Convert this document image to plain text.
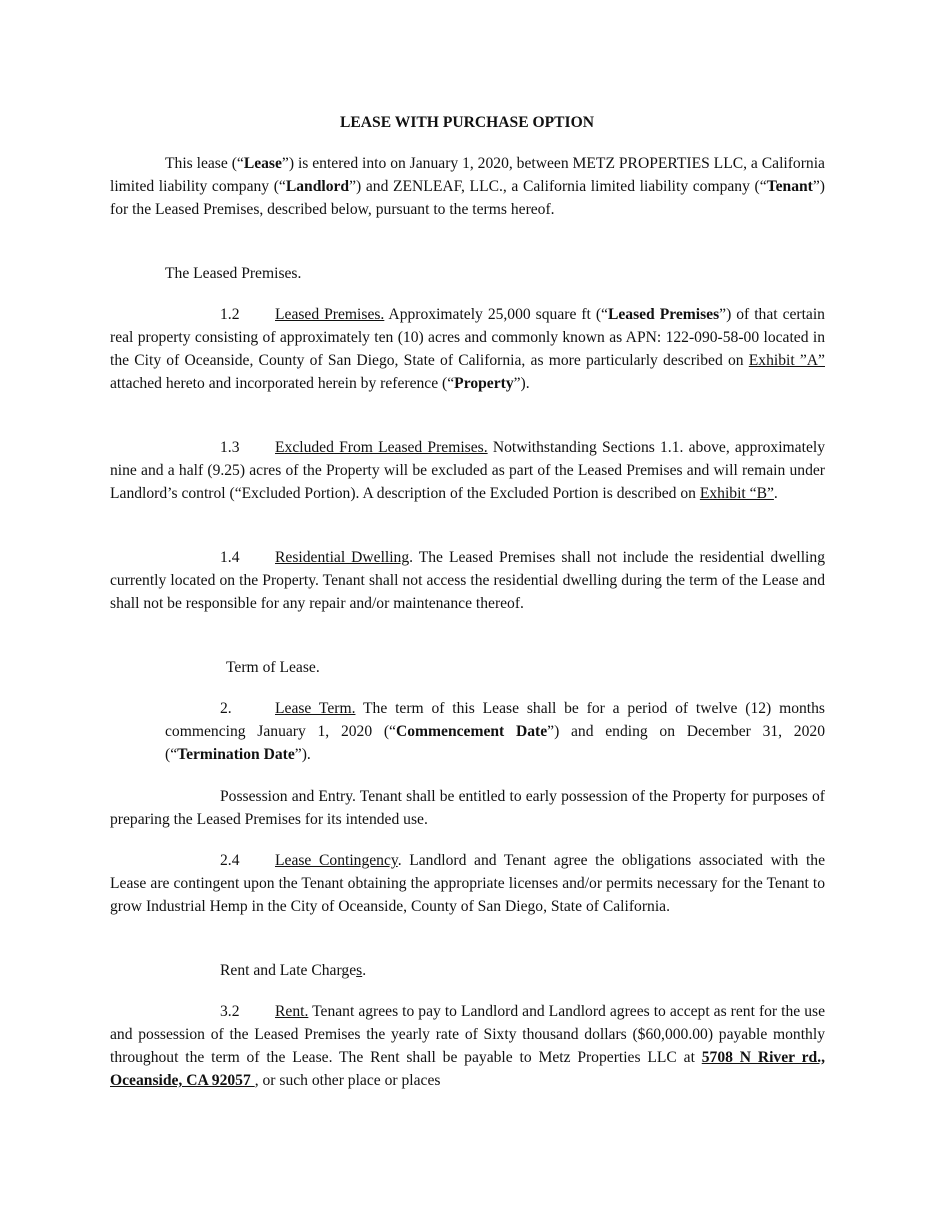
LEASE WITH PURCHASE OPTION

This lease (“Lease”) is entered into on January 1, 2020, between METZ PROPERTIES LLC, a California limited liability company (“Landlord”) and ZENLEAF, LLC., a California limited liability company (“Tenant”) for the Leased Premises, described below, pursuant to the terms hereof.

The Leased Premises.

1.2 Leased Premises. Approximately 25,000 square ft (“Leased Premises”) of that certain real property consisting of approximately ten (10) acres and commonly known as APN: 122-090-58-00 located in the City of Oceanside, County of San Diego, State of California, as more particularly described on Exhibit ”A” attached hereto and incorporated herein by reference (“Property”).

1.3 Excluded From Leased Premises. Notwithstanding Sections 1.1. above, approximately nine and a half (9.25) acres of the Property will be excluded as part of the Leased Premises and will remain under Landlord’s control (“Excluded Portion). A description of the Excluded Portion is described on Exhibit “B”.

1.4 Residential Dwelling. The Leased Premises shall not include the residential dwelling currently located on the Property. Tenant shall not access the residential dwelling during the term of the Lease and shall not be responsible for any repair and/or maintenance thereof.

Term of Lease.

2.	Lease Term. The term of this Lease shall be for a period of twelve (12) months commencing January 1, 2020 (“Commencement Date”) and ending on December 31, 2020 (“Termination Date”).

Possession and Entry. Tenant shall be entitled to early possession of the Property for purposes of preparing the Leased Premises for its intended use.

2.4 Lease Contingency. Landlord and Tenant agree the obligations associated with the Lease are contingent upon the Tenant obtaining the appropriate licenses and/or permits necessary for the Tenant to grow Industrial Hemp in the City of Oceanside, County of San Diego, State of California.

Rent and Late Charges.

3.2 Rent. Tenant agrees to pay to Landlord and Landlord agrees to accept as rent for the use and possession of the Leased Premises the yearly rate of Sixty thousand dollars ($60,000.00) payable monthly throughout the term of the Lease. The Rent shall be payable to Metz Properties LLC at 5708 N River rd., Oceanside, CA 92057 , or such other place or places
